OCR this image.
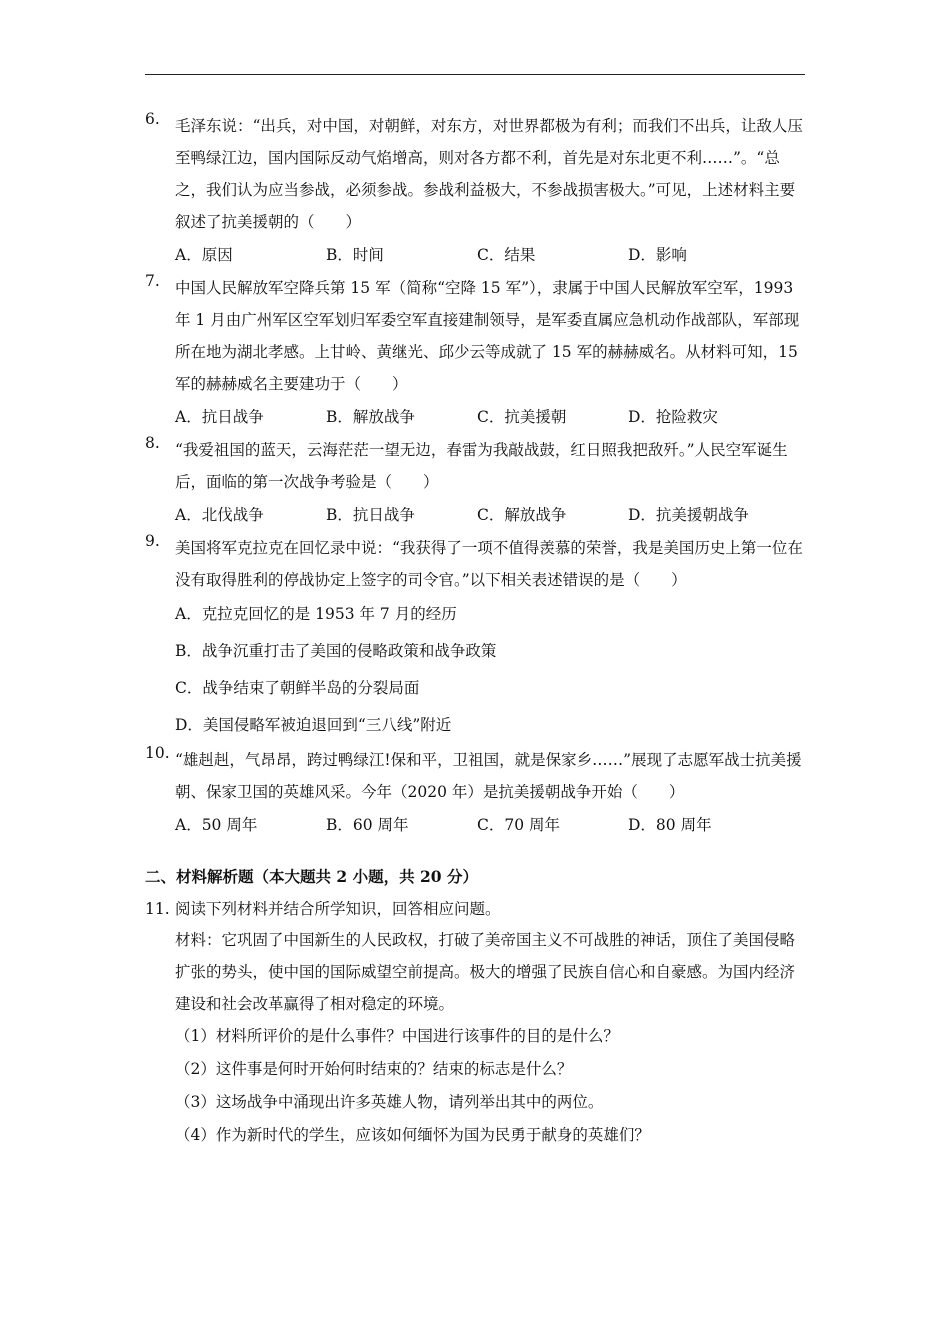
6. 毛泽东说：“出兵，对中国，对朝鲜，对东方，对世界都极为有利；而我们不出兵，让敌人压至鸭绿江边，国内国际反动气焰增高，则对各方都不利，首先是对东北更不利……”。“总之，我们认为应当参战，必须参战。参战利益极大，不参战损害极大。”可见，上述材料主要叙述了抗美援朝的（　　）
A．原因	B．时间	C．结果	D．影响
7. 中国人民解放军空降兵第 15 军（简称“空降 15 军”），隶属于中国人民解放军空军，1993 年 1 月由广州军区空军划归军委空军直接建制领导，是军委直属应急机动作战部队，军部现所在地为湖北孝感。上甘岭、黄继光、邱少云等成就了 15 军的赫赫威名。从材料可知，15 军的赫赫威名主要建功于（　　）
A．抗日战争	B．解放战争	C．抗美援朝	D．抢险救灾
8. “我爱祖国的蓝天，云海茫茫一望无边，春雷为我敲战鼓，红日照我把敌歼。”人民空军诞生后，面临的第一次战争考验是（　　）
A．北伐战争	B．抗日战争	C．解放战争	D．抗美援朝战争
9. 美国将军克拉克在回忆录中说：“我获得了一项不值得羡慕的荣誉，我是美国历史上第一位在没有取得胜利的停战协定上签字的司令官。”以下相关表述错误的是（　　）
A．克拉克回忆的是 1953 年 7 月的经历
B．战争沉重打击了美国的侵略政策和战争政策
C．战争结束了朝鲜半岛的分裂局面
D．美国侵略军被迫退回到“三八线”附近
10. “雄赳赳，气昂昂，跨过鸭绿江!保和平，卫祖国，就是保家乡……”展现了志愿军战士抗美援朝、保家卫国的英雄风采。今年（2020 年）是抗美援朝战争开始（　　）
A．50 周年	B．60 周年	C．70 周年	D．80 周年
二、材料解析题（本大题共 2 小题，共 20 分）
11. 阅读下列材料并结合所学知识，回答相应问题。
材料：它巩固了中国新生的人民政权，打破了美帝国主义不可战胜的神话，顶住了美国侵略扩张的势头，使中国的国际威望空前提高。极大的增强了民族自信心和自豪感。为国内经济建设和社会改革赢得了相对稳定的环境。
（1）材料所评价的是什么事件？中国进行该事件的目的是什么？
（2）这件事是何时开始何时结束的？结束的标志是什么？
（3）这场战争中涌现出许多英雄人物，请列举出其中的两位。
（4）作为新时代的学生，应该如何缅怀为国为民勇于献身的英雄们？
